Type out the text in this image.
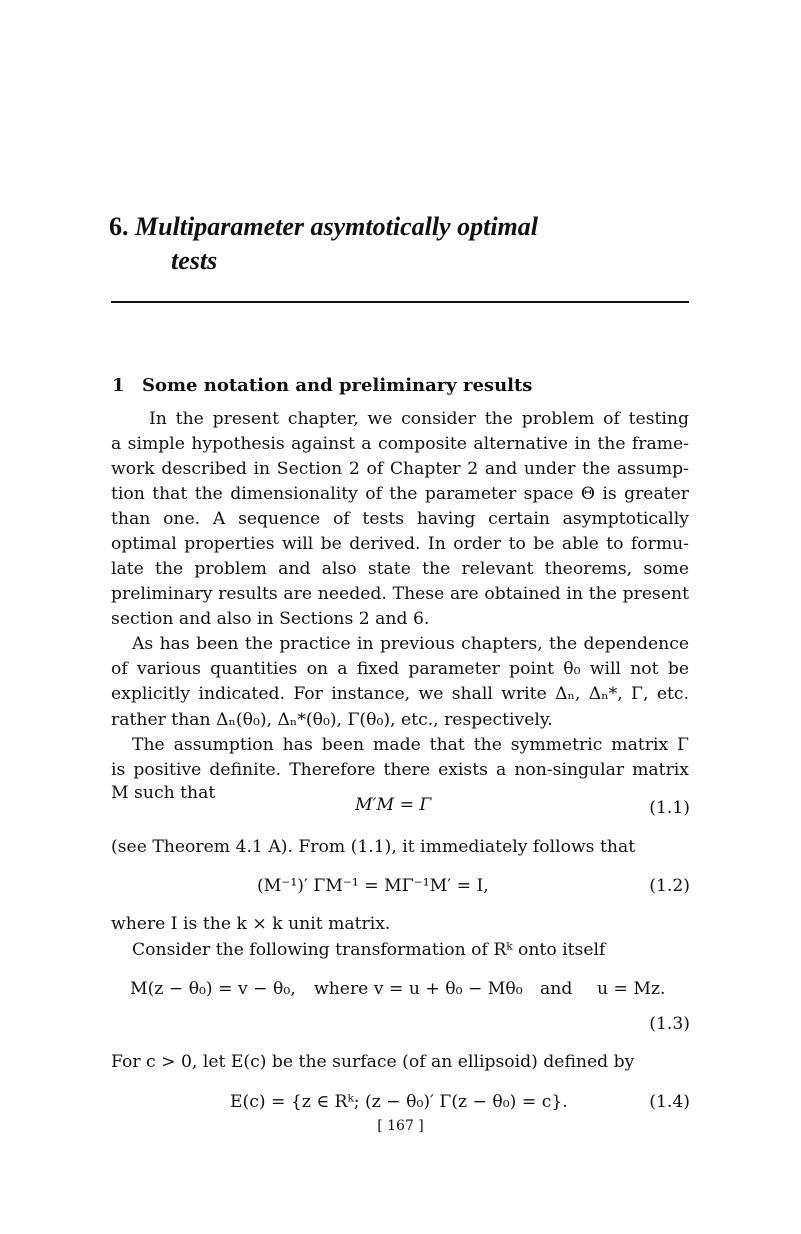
6. Multiparameter asymtotically optimal
tests
1 Some notation and preliminary results
In the present chapter, we consider the problem of testing
a simple hypothesis against a composite alternative in the frame-
work described in Section 2 of Chapter 2 and under the assump-
tion that the dimensionality of the parameter space Θ is greater
than one. A sequence of tests having certain asymptotically
optimal properties will be derived. In order to be able to formu-
late the problem and also state the relevant theorems, some
preliminary results are needed. These are obtained in the present
section and also in Sections 2 and 6.
As has been the practice in previous chapters, the dependence
of various quantities on a fixed parameter point θ₀ will not be
explicitly indicated. For instance, we shall write Δₙ, Δₙ*, Γ, etc.
rather than Δₙ(θ₀), Δₙ*(θ₀), Γ(θ₀), etc., respectively.
The assumption has been made that the symmetric matrix Γ
is positive definite. Therefore there exists a non-singular matrix
M such that
M′M = Γ	(1.1)
(see Theorem 4.1 A). From (1.1), it immediately follows that
(M⁻¹)′ ΓM⁻¹ = MΓ⁻¹M′ = I,	(1.2)
where I is the k × k unit matrix.
Consider the following transformation of Rᵏ onto itself
M(z − θ₀) = v − θ₀, where v = u + θ₀ − Mθ₀ and u = Mz.
(1.3)
For c > 0, let E(c) be the surface (of an ellipsoid) defined by
E(c) = {z ∈ Rᵏ; (z − θ₀)′ Γ(z − θ₀) = c}.	(1.4)
[ 167 ]
